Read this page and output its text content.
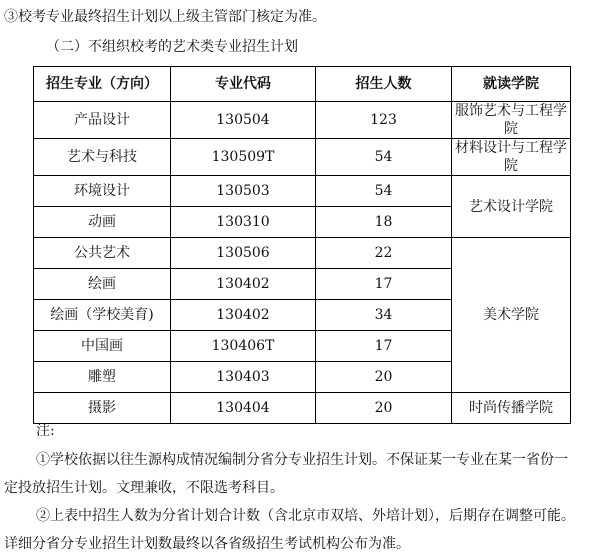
③校考专业最终招生计划以上级主管部门核定为准。
（二）不组织校考的艺术类专业招生计划
招生专业（方向）	专业代码	招生人数	就读学院
产品设计	130504	123	服饰艺术与工程学院
艺术与科技	130509T	54	材料设计与工程学院
环境设计	130503	54	艺术设计学院
动画	130310	18	
公共艺术	130506	22	美术学院
绘画	130402	17	
绘画（学校美育)	130402	34	
中国画	130406T	17	
雕塑	130403	20	
摄影	130404	20	时尚传播学院
注:
①学校依据以往生源构成情况编制分省分专业招生计划。不保证某一专业在某一省份一
定投放招生计划。文理兼收，不限选考科目。
②上表中招生人数为分省计划合计数（含北京市双培、外培计划），后期存在调整可能。
详细分省分专业招生计划数最终以各省级招生考试机构公布为准。
